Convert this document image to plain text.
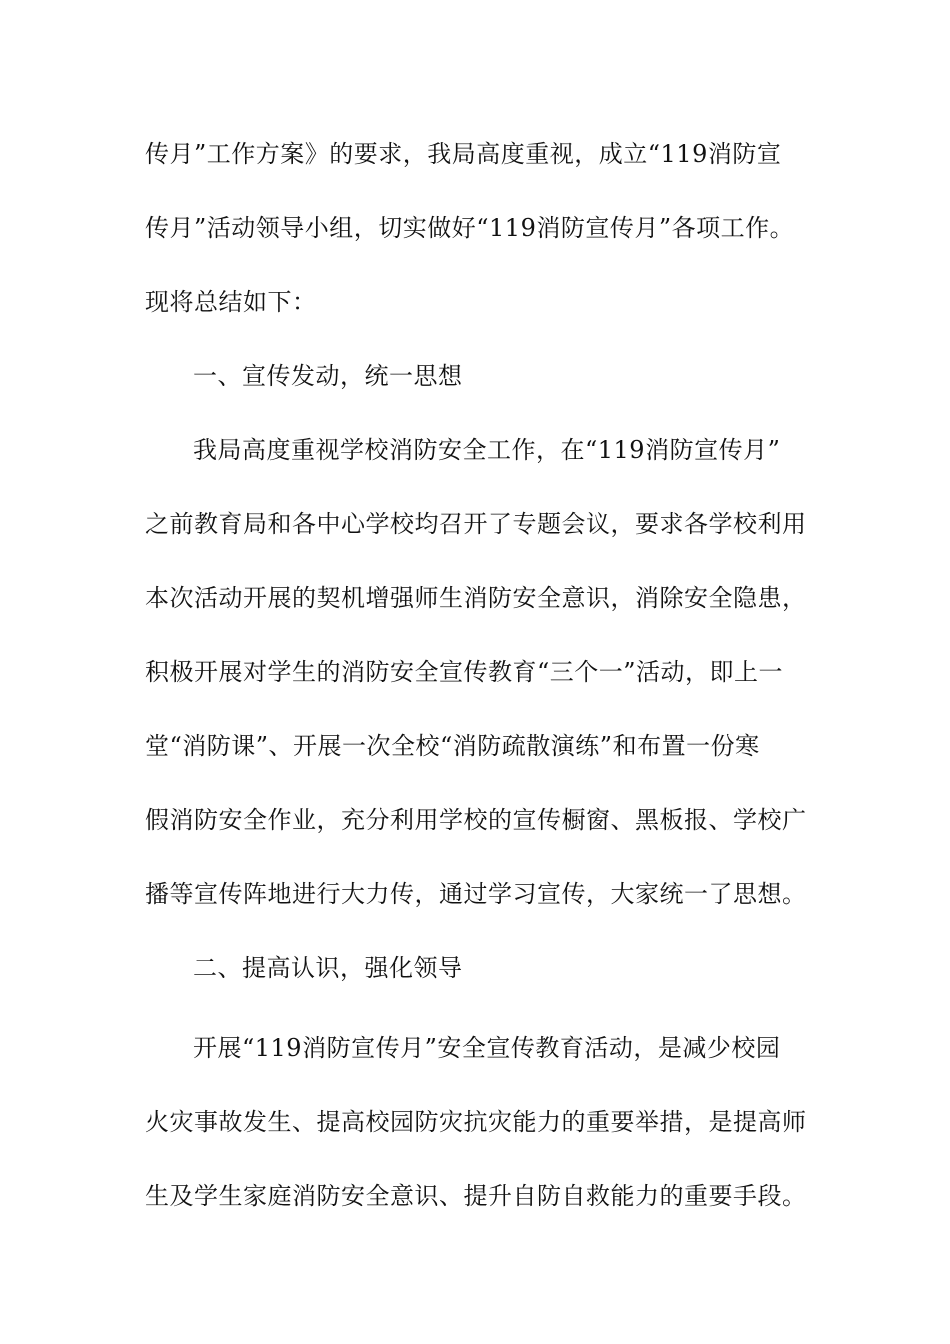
传月”工作方案》的要求，我局高度重视，成立“119消防宣
传月”活动领导小组，切实做好“119消防宣传月”各项工作。
现将总结如下：
一、宣传发动，统一思想
我局高度重视学校消防安全工作，在“119消防宣传月”
之前教育局和各中心学校均召开了专题会议，要求各学校利用
本次活动开展的契机增强师生消防安全意识，消除安全隐患，
积极开展对学生的消防安全宣传教育“三个一”活动，即上一
堂“消防课”、开展一次全校“消防疏散演练”和布置一份寒
假消防安全作业，充分利用学校的宣传橱窗、黑板报、学校广
播等宣传阵地进行大力传，通过学习宣传，大家统一了思想。
二、提高认识，强化领导
开展“119消防宣传月”安全宣传教育活动，是减少校园
火灾事故发生、提高校园防灾抗灾能力的重要举措，是提高师
生及学生家庭消防安全意识、提升自防自救能力的重要手段。
